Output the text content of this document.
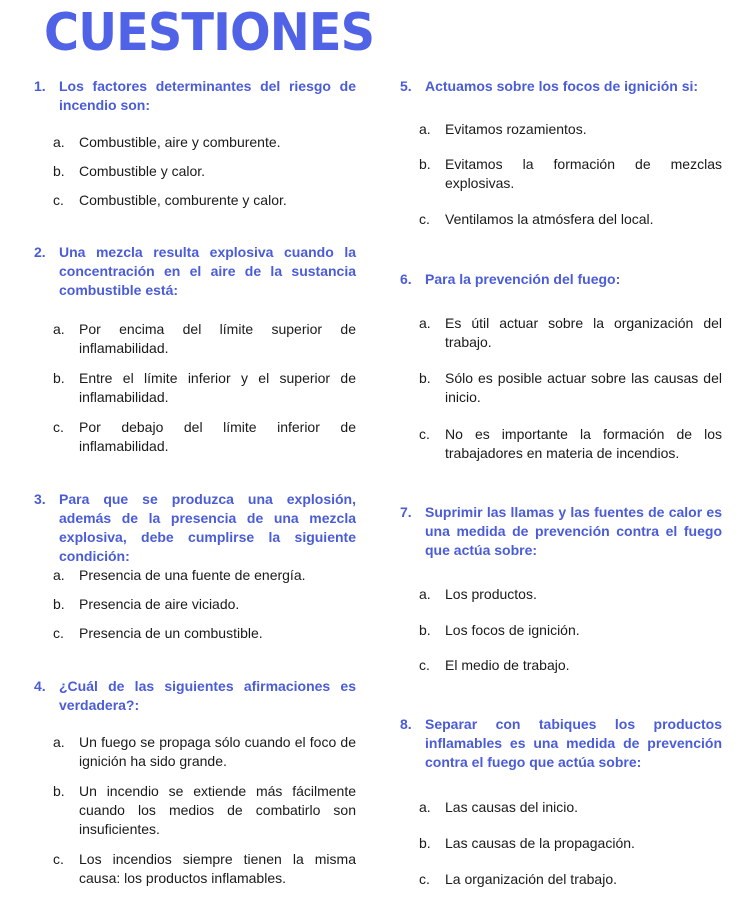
CUESTIONES
1. Los factores determinantes del riesgo de incendio son:
a.	Combustible, aire y comburente.
b.	Combustible y calor.
c.	Combustible, comburente y calor.
2. Una mezcla resulta explosiva cuando la concentración en el aire de la sustancia combustible está:
a.	Por encima del límite superior de inflamabilidad.
b.	Entre el límite inferior y el superior de inflamabilidad.
c.	Por debajo del límite inferior de inflamabilidad.
3. Para que se produzca una explosión, además de la presencia de una mezcla explosiva, debe cumplirse la siguiente condición:
a.	Presencia de una fuente de energía.
b.	Presencia de aire viciado.
c.	Presencia de un combustible.
4. ¿Cuál de las siguientes afirmaciones es verdadera?:
a.	Un fuego se propaga sólo cuando el foco de ignición ha sido grande.
b.	Un incendio se extiende más fácilmente cuando los medios de combatirlo son insuficientes.
c.	Los incendios siempre tienen la misma causa: los productos inflamables.
5. Actuamos sobre los focos de ignición si:
a.	Evitamos rozamientos.
b.	Evitamos la formación de mezclas explosivas.
c.	Ventilamos la atmósfera del local.
6. Para la prevención del fuego:
a.	Es útil actuar sobre la organización del trabajo.
b.	Sólo es posible actuar sobre las causas del inicio.
c.	No es importante la formación de los trabajadores en materia de incendios.
7. Suprimir las llamas y las fuentes de calor es una medida de prevención contra el fuego que actúa sobre:
a.	Los productos.
b.	Los focos de ignición.
c.	El medio de trabajo.
8. Separar con tabiques los productos inflamables es una medida de prevención contra el fuego que actúa sobre:
a.	Las causas del inicio.
b.	Las causas de la propagación.
c.	La organización del trabajo.
